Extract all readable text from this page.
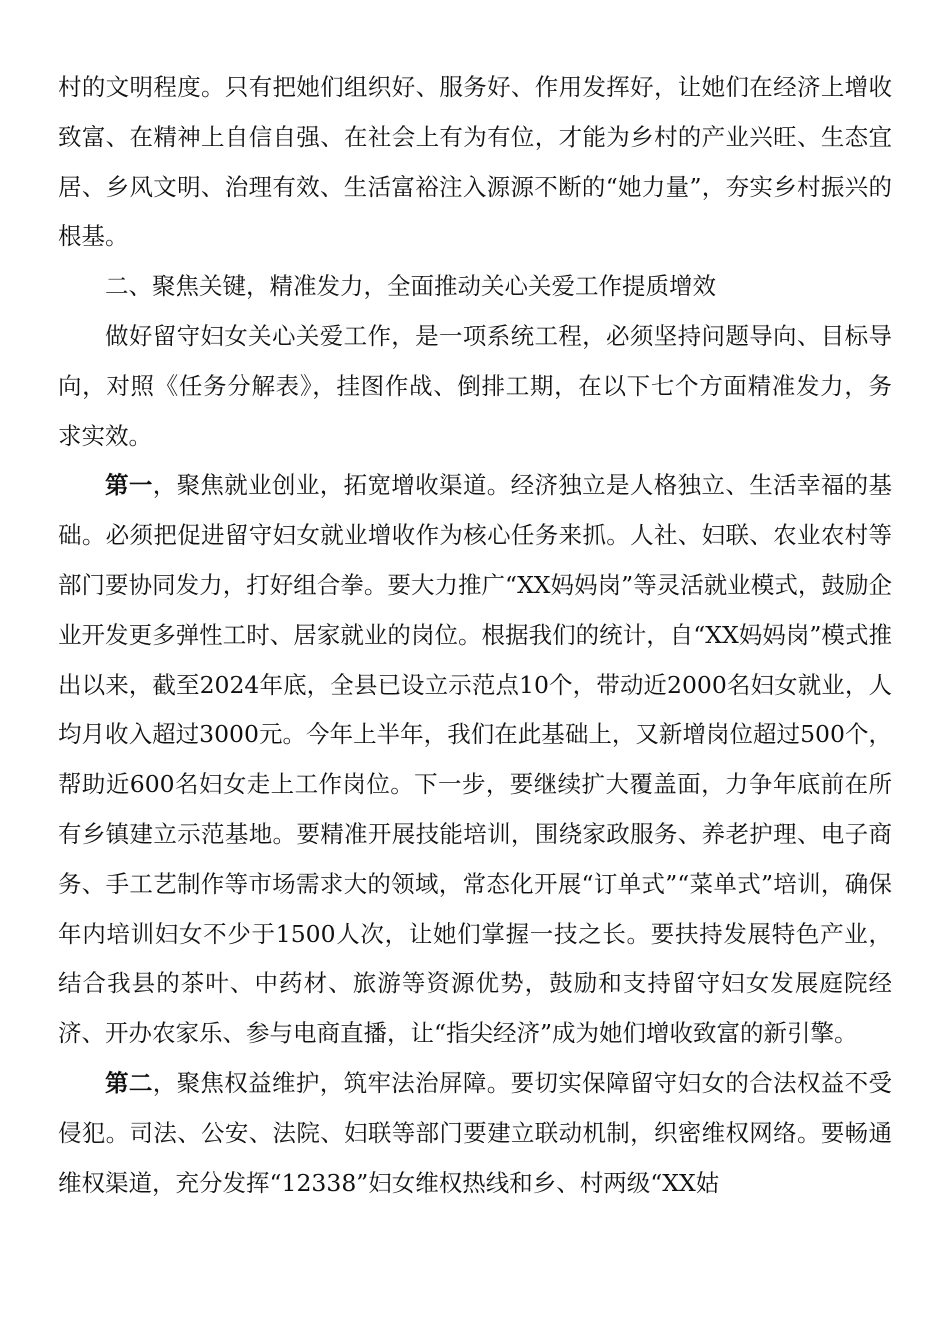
村的文明程度。只有把她们组织好、服务好、作用发挥好，让她们在经济上增收致富、在精神上自信自强、在社会上有为有位，才能为乡村的产业兴旺、生态宜居、乡风文明、治理有效、生活富裕注入源源不断的“她力量”，夯实乡村振兴的根基。

二、聚焦关键，精准发力，全面推动关心关爱工作提质增效

做好留守妇女关心关爱工作，是一项系统工程，必须坚持问题导向、目标导向，对照《任务分解表》，挂图作战、倒排工期，在以下七个方面精准发力，务求实效。

第一，聚焦就业创业，拓宽增收渠道。经济独立是人格独立、生活幸福的基础。必须把促进留守妇女就业增收作为核心任务来抓。人社、妇联、农业农村等部门要协同发力，打好组合拳。要大力推广“XX妈妈岗”等灵活就业模式，鼓励企业开发更多弹性工时、居家就业的岗位。根据我们的统计，自“XX妈妈岗”模式推出以来，截至2024年底，全县已设立示范点10个，带动近2000名妇女就业，人均月收入超过3000元。今年上半年，我们在此基础上，又新增岗位超过500个，帮助近600名妇女走上工作岗位。下一步，要继续扩大覆盖面，力争年底前在所有乡镇建立示范基地。要精准开展技能培训，围绕家政服务、养老护理、电子商务、手工艺制作等市场需求大的领域，常态化开展“订单式”“菜单式”培训，确保年内培训妇女不少于1500人次，让她们掌握一技之长。要扶持发展特色产业，结合我县的茶叶、中药材、旅游等资源优势，鼓励和支持留守妇女发展庭院经济、开办农家乐、参与电商直播，让“指尖经济”成为她们增收致富的新引擎。

第二，聚焦权益维护，筑牢法治屏障。要切实保障留守妇女的合法权益不受侵犯。司法、公安、法院、妇联等部门要建立联动机制，织密维权网络。要畅通维权渠道，充分发挥“12338”妇女维权热线和乡、村两级“XX姑
